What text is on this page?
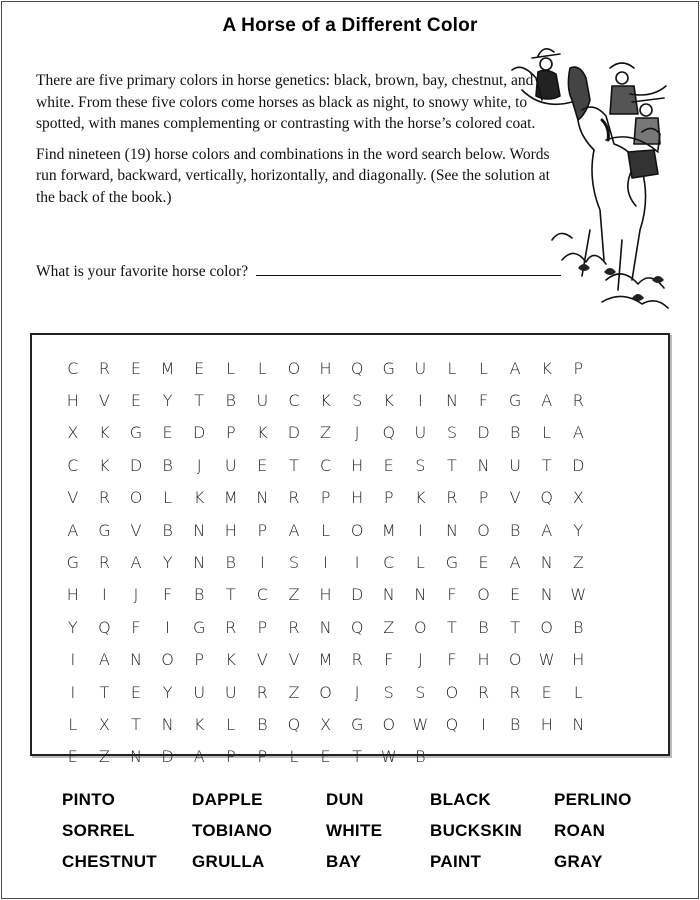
A Horse of a Different Color

There are five primary colors in horse genetics: black, brown, bay, chestnut, and white. From these five colors come horses as black as night, to snowy white, to spotted, with manes complementing or contrasting with the horse’s colored coat.

Find nineteen (19) horse colors and combinations in the word search below. Words run forward, backward, vertically, horizontally, and diagonally. (See the solution at the back of the book.)

What is your favorite horse color?
C	R	E	M	E	L	L	O	H	Q	G	U	L	L	A	K	P
H	V	E	Y	T	B	U	C	K	S	K	I	N	F	G	A	R
X	K	G	E	D	P	K	D	Z	J	Q	U	S	D	B	L	A
C	K	D	B	J	U	E	T	C	H	E	S	T	N	U	T	D
V	R	O	L	K	M	N	R	P	H	P	K	R	P	V	Q	X
A	G	V	B	N	H	P	A	L	O	M	I	N	O	B	A	Y
G	R	A	Y	N	B	I	S	I	I	C	L	G	E	A	N	Z
H	I	J	F	B	T	C	Z	H	D	N	N	F	O	E	N	W
Y	Q	F	I	G	R	P	R	N	Q	Z	O	T	B	T	O	B
I	A	N	O	P	K	V	V	M	R	F	J	F	H	O	W	H
I	T	E	Y	U	U	R	Z	O	J	S	S	O	R	R	E	L
L	X	T	N	K	L	B	Q	X	G	O	W	Q	I	B	H	N
E	Z	N	D	A	P	P	L	E	T	W	B
PINTO	DAPPLE	DUN	BLACK	PERLINO
SORREL	TOBIANO	WHITE	BUCKSKIN	ROAN
CHESTNUT	GRULLA	BAY	PAINT	GRAY
